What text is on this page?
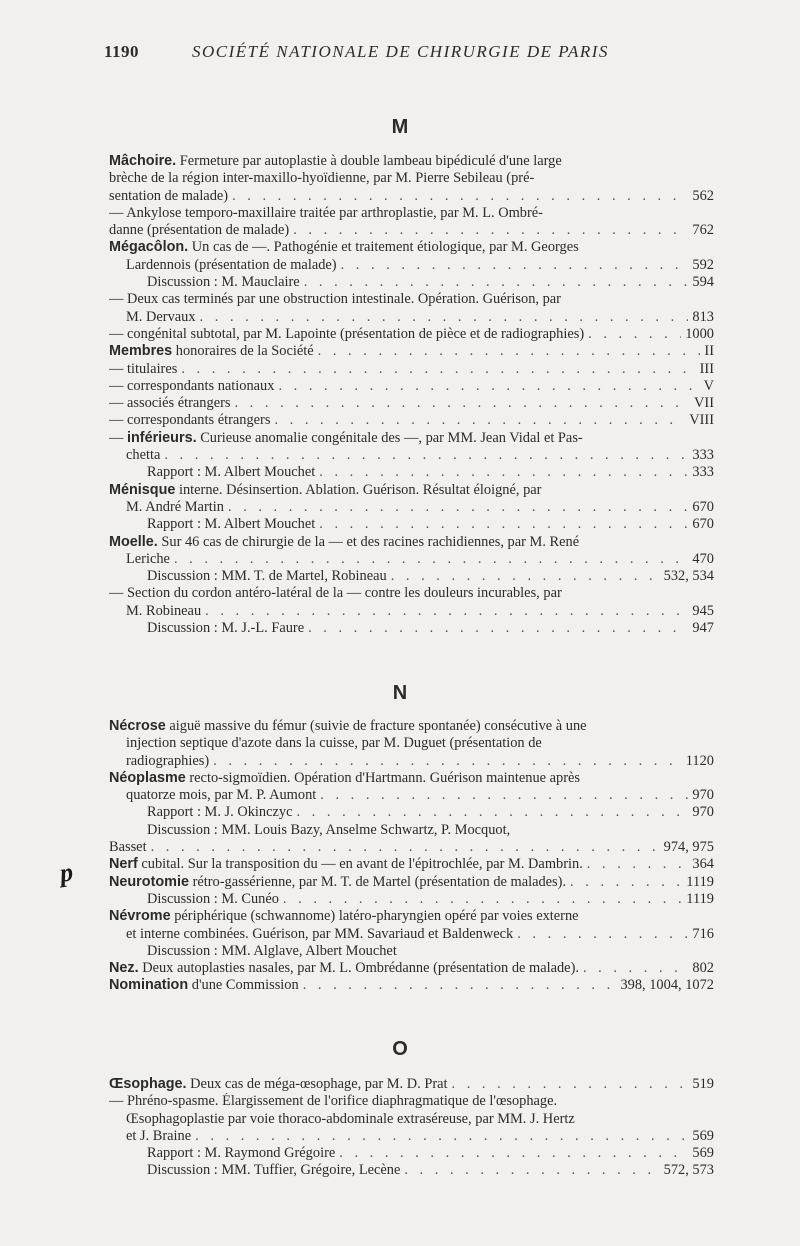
1190	SOCIÉTÉ NATIONALE DE CHIRURGIE DE PARIS
p
M
Mâchoire. Fermeture par autoplastie à double lambeau bipédiculé d'une large
brèche de la région inter-maxillo-hyoïdienne, par M. Pierre Sebileau (pré-
sentation de malade) . . .	562
— Ankylose temporo-maxillaire traitée par arthroplastie, par M. L. Ombré-
danne (présentation de malade) . . .	762
Mégacôlon. Un cas de —. Pathogénie et traitement étiologique, par M. Georges
Lardennois (présentation de malade) . . .	592
Discussion : M. Mauclaire . . .	594
— Deux cas terminés par une obstruction intestinale. Opération. Guérison, par
M. Dervaux . . .	813
— congénital subtotal, par M. Lapointe (présentation de pièce et de radiographies) . . .	1000
Membres honoraires de la Société . . .	II
— titulaires . . .	III
— correspondants nationaux . . .	V
— associés étrangers . . .	VII
— correspondants étrangers . . .	VIII
— inférieurs. Curieuse anomalie congénitale des —, par MM. Jean Vidal et Pas-
chetta . . .	333
Rapport : M. Albert Mouchet . . .	333
Ménisque interne. Désinsertion. Ablation. Guérison. Résultat éloigné, par
M. André Martin . . .	670
Rapport : M. Albert Mouchet . . .	670
Moelle. Sur 46 cas de chirurgie de la — et des racines rachidiennes, par M. René
Leriche . . .	470
Discussion : MM. T. de Martel, Robineau . . .	532, 534
— Section du cordon antéro-latéral de la — contre les douleurs incurables, par
M. Robineau . . .	945
Discussion : M. J.-L. Faure . . .	947
N
Nécrose aiguë massive du fémur (suivie de fracture spontanée) consécutive à une
injection septique d'azote dans la cuisse, par M. Duguet (présentation de
radiographies) . . .	1120
Néoplasme recto-sigmoïdien. Opération d'Hartmann. Guérison maintenue après
quatorze mois, par M. P. Aumont . . .	970
Rapport : M. J. Okinczyc . . .	970
Discussion : MM. Louis Bazy, Anselme Schwartz, P. Mocquot,
Basset . . .	974, 975
Nerf cubital. Sur la transposition du — en avant de l'épitrochlée, par M. Dambrin. . . .	364
Neurotomie rétro-gassérienne, par M. T. de Martel (présentation de malades). . . .	1119
Discussion : M. Cunéo . . .	1119
Névrome périphérique (schwannome) latéro-pharyngien opéré par voies externe
et interne combinées. Guérison, par MM. Savariaud et Baldenweck . . .	716
Discussion : MM. Alglave, Albert Mouchet
Nez. Deux autoplasties nasales, par M. L. Ombrédanne (présentation de malade). . . .	802
Nomination d'une Commission . . .	398, 1004, 1072
O
Œsophage. Deux cas de méga-œsophage, par M. D. Prat . . .	519
— Phréno-spasme. Élargissement de l'orifice diaphragmatique de l'œsophage.
Œsophagoplastie par voie thoraco-abdominale extraséreuse, par MM. J. Hertz
et J. Braine . . .	569
Rapport : M. Raymond Grégoire . . .	569
Discussion : MM. Tuffier, Grégoire, Lecène . . .	572, 573
